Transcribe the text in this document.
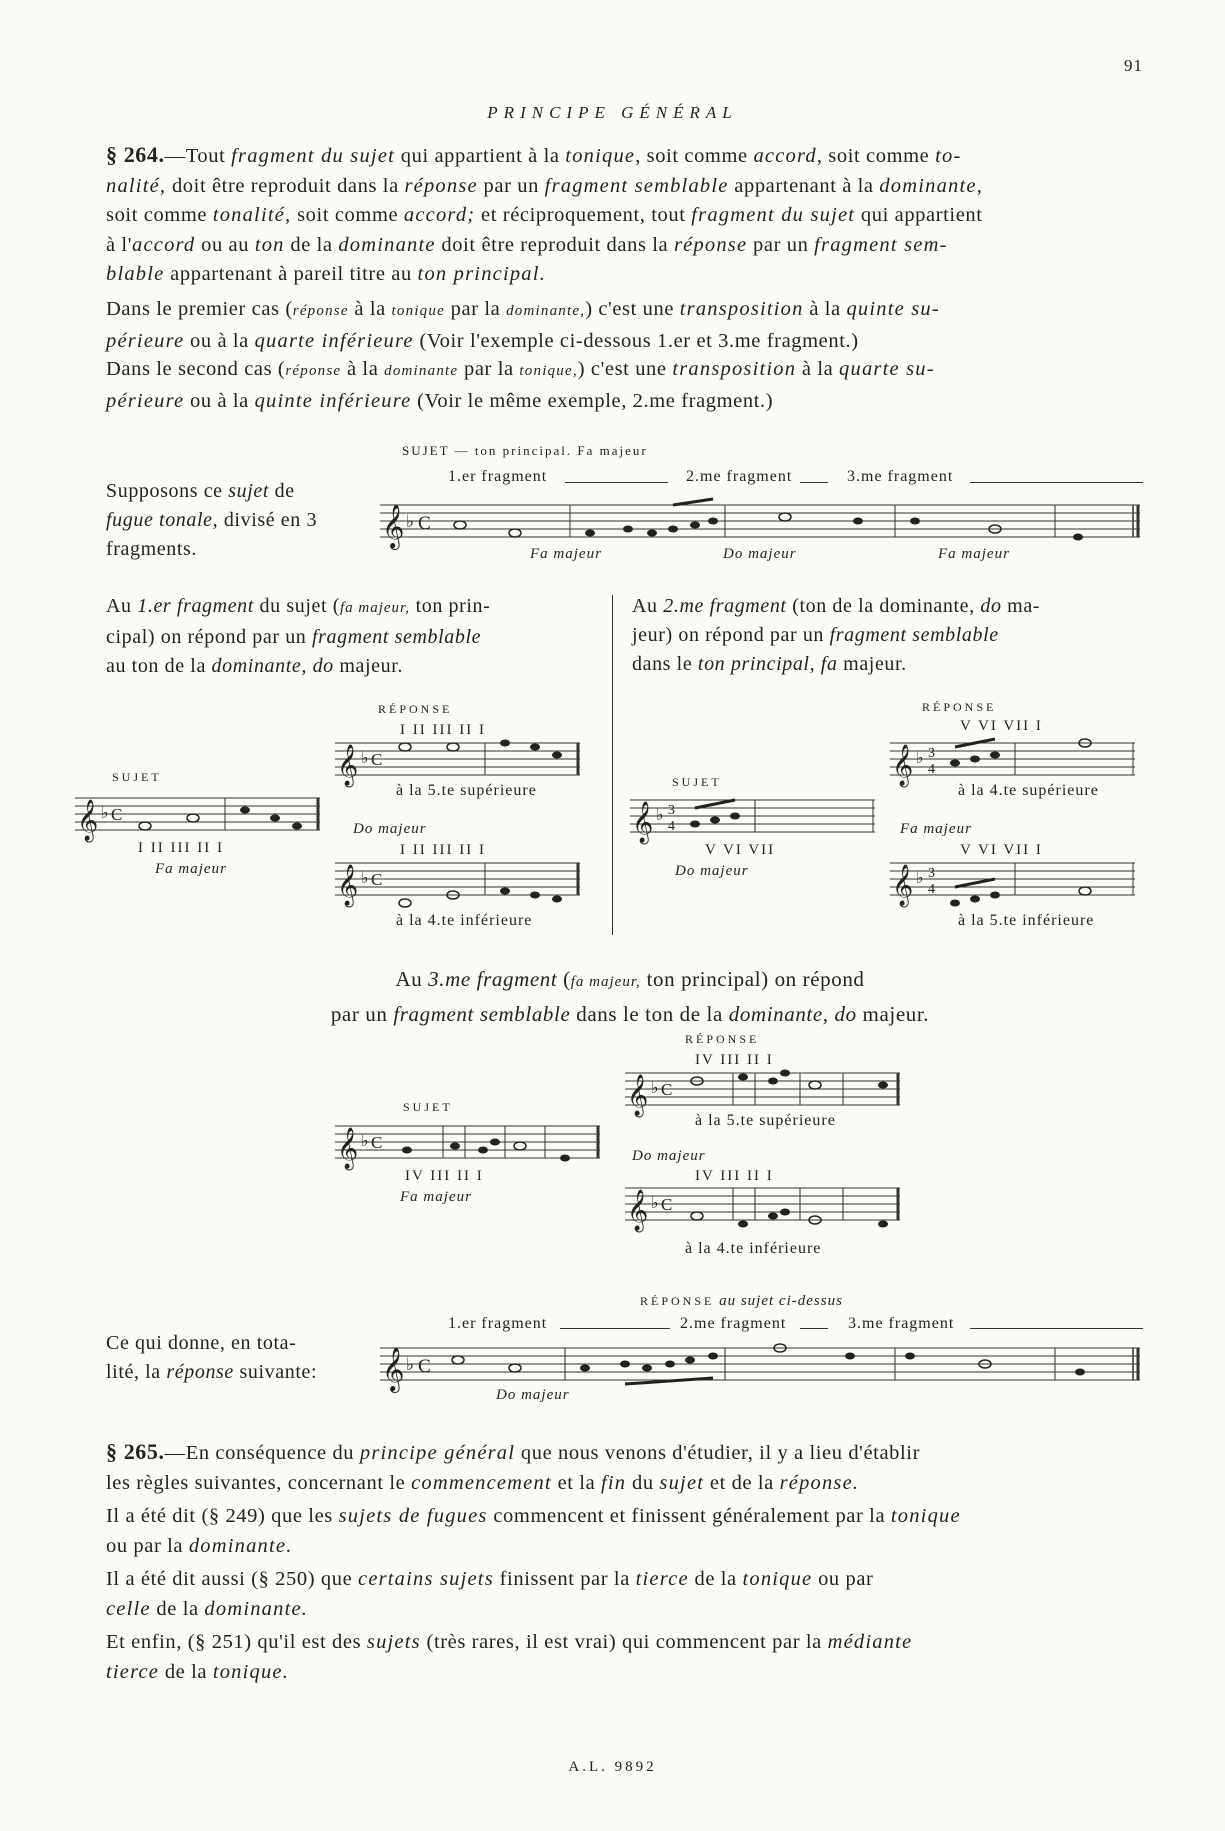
91
PRINCIPE GÉNÉRAL
§ 264.—Tout fragment du sujet qui appartient à la tonique, soit comme accord, soit comme to-
nalité, doit être reproduit dans la réponse par un fragment semblable appartenant à la dominante,
soit comme tonalité, soit comme accord; et réciproquement, tout fragment du sujet qui appartient
à l'accord ou au ton de la dominante doit être reproduit dans la réponse par un fragment sem-
blable appartenant à pareil titre au ton principal.
Dans le premier cas (réponse à la tonique par la dominante,) c'est une transposition à la quinte su-
périeure ou à la quarte inférieure (Voir l'exemple ci-dessous 1.er et 3.me fragment.)
Dans le second cas (réponse à la dominante par la tonique,) c'est une transposition à la quarte su-
périeure ou à la quinte inférieure (Voir le même exemple, 2.me fragment.)
SUJET — ton principal. Fa majeur
1.er fragment	2.me fragment	3.me fragment
𝄞 ♭ C
Fa majeur	Do majeur	Fa majeur
Supposons ce sujet de
fugue tonale, divisé en 3
fragments.
Au 1.er fragment du sujet (fa majeur, ton prin-
cipal) on répond par un fragment semblable
au ton de la dominante, do majeur.
Au 2.me fragment (ton de la dominante, do ma-
jeur) on répond par un fragment semblable
dans le ton principal, fa majeur.
RÉPONSE
I II III II I
𝄞 ♭ C
à la 5.te supérieure
SUJET
𝄞 ♭ C
I II III II I
Fa majeur
Do majeur
I II III II I
𝄞 ♭ C
à la 4.te inférieure
RÉPONSE
V VI VII I
𝄞 ♭ 3
4
à la 4.te supérieure
SUJET
𝄞 ♭ 3
4
V VI VII
Do majeur
Fa majeur
V VI VII I
𝄞 ♭ 3
4
à la 5.te inférieure
Au 3.me fragment (fa majeur, ton principal) on répond
par un fragment semblable dans le ton de la dominante, do majeur.
RÉPONSE
IV III II I
𝄞 ♭ C
à la 5.te supérieure
SUJET
𝄞 ♭ C
IV III II I
Fa majeur
Do majeur
IV III II I
𝄞 ♭ C
à la 4.te inférieure
RÉPONSE au sujet ci-dessus
1.er fragment	2.me fragment	3.me fragment
𝄞 ♭ C
Do majeur
Ce qui donne, en tota-
lité, la réponse suivante:
§ 265.—En conséquence du principe général que nous venons d'étudier, il y a lieu d'établir
les règles suivantes, concernant le commencement et la fin du sujet et de la réponse.
Il a été dit (§ 249) que les sujets de fugues commencent et finissent généralement par la tonique
ou par la dominante.
Il a été dit aussi (§ 250) que certains sujets finissent par la tierce de la tonique ou par
celle de la dominante.
Et enfin, (§ 251) qu'il est des sujets (très rares, il est vrai) qui commencent par la médiante
tierce de la tonique.
A.L. 9892
